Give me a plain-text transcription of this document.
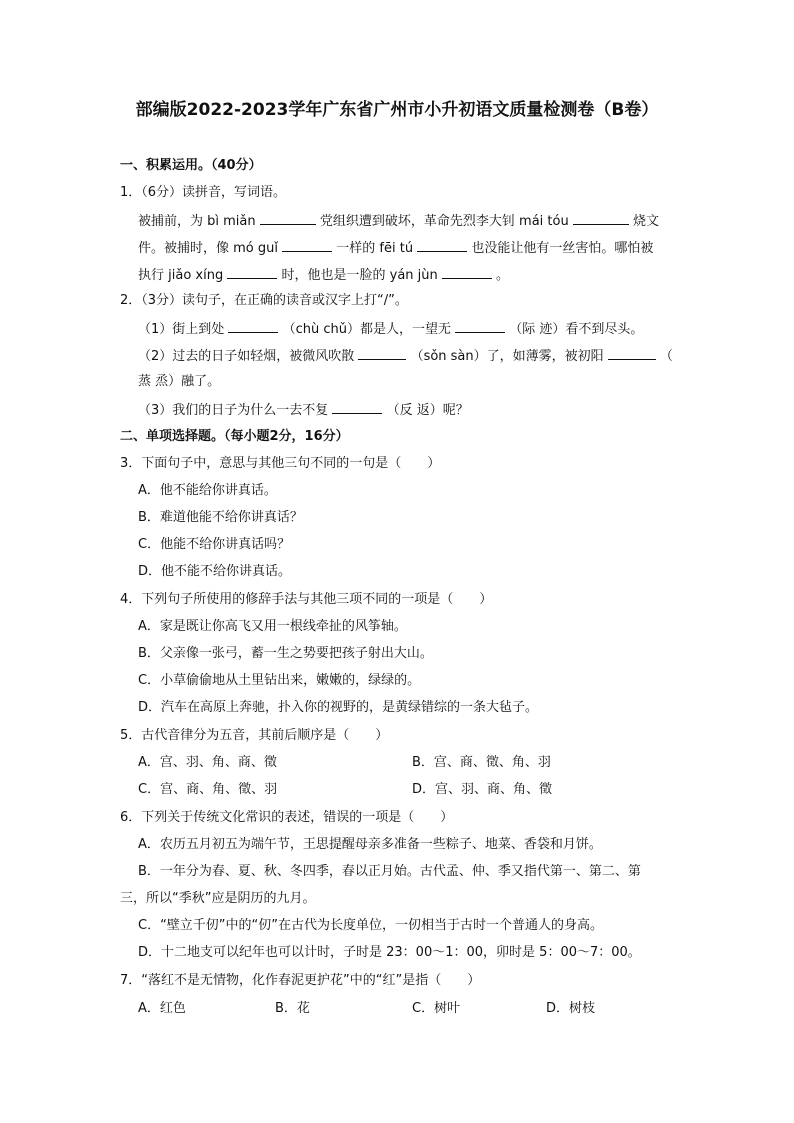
部编版2022-2023学年广东省广州市小升初语文质量检测卷（B卷）
一、积累运用。（40分）
1．（6分）读拼音，写词语。
被捕前，为 bì miǎn	党组织遭到破坏，革命先烈李大钊 mái tóu	烧文
件。被捕时，像 mó guǐ	一样的 fēi tú	也没能让他有一丝害怕。哪怕被
执行 jiǎo xíng	时，他也是一脸的 yán jùn	。
2．（3分）读句子，在正确的读音或汉字上打“/”。
（1）街上到处	（chù chǔ）都是人，一望无	（际 迹）看不到尽头。
（2）过去的日子如轻烟，被微风吹散	（sǒn sàn）了，如薄雾，被初阳	（
蒸 烝）融了。
（3）我们的日子为什么一去不复	（反 返）呢？
二、单项选择题。（每小题2分，16分）
3．下面句子中，意思与其他三句不同的一句是（　　）
A．他不能给你讲真话。
B．难道他能不给你讲真话？
C．他能不给你讲真话吗？
D．他不能不给你讲真话。
4．下列句子所使用的修辞手法与其他三项不同的一项是（　　）
A．家是既让你高飞又用一根线牵扯的风筝轴。
B．父亲像一张弓，蓄一生之势要把孩子射出大山。
C．小草偷偷地从土里钻出来，嫩嫩的，绿绿的。
D．汽车在高原上奔驰，扑入你的视野的，是黄绿错综的一条大毡子。
5．古代音律分为五音，其前后顺序是（　　）
A．宫、羽、角、商、徵	B．宫、商、徵、角、羽
C．宫、商、角、徵、羽	D．宫、羽、商、角、徵
6．下列关于传统文化常识的表述，错误的一项是（　　）
A．农历五月初五为端午节，王思提醒母亲多准备一些粽子、地菜、香袋和月饼。
B．一年分为春、夏、秋、冬四季，春以正月始。古代孟、仲、季又指代第一、第二、第
三，所以“季秋”应是阴历的九月。
C．“壁立千仞”中的“仞”在古代为长度单位，一仞相当于古时一个普通人的身高。
D．十二地支可以纪年也可以计时，子时是 23：00～1：00，卯时是 5：00～7：00。
7．“落红不是无情物，化作春泥更护花”中的“红”是指（　　）
A．红色	B．花	C．树叶	D．树枝
